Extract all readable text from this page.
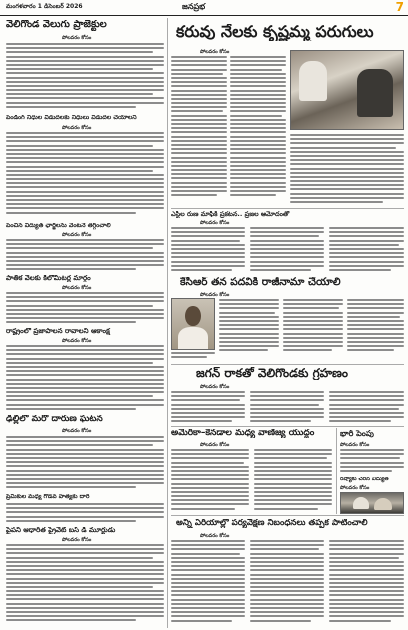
మంగళవారం 1 డిసెంబర్ 2026	జనప్రభ	7
వెలిగొండ వెలుగు ప్రాజెక్టుల
పోలవరం కోసం
పెండింగ్ నిధుల విడుదలకు నిధులు విడుదల చేయాలని
పోలవరం కోసం
పెంచిన విద్యుత్ ఛార్జీలను వెంటనే తగ్గించాలి
పోలవరం కోసం
పాతిక వేలకు కిలోమీటర్ల మార్గం
పోలవరం కోసం
రాష్ట్రంలో ప్రజాపాలన రావాలని ఆకాంక్ష
పోలవరం కోసం
ఢిల్లీలో మరో దారుణ ఘటన
పోలవరం కోసం
ప్రేమికుల మధ్య గొడవ హత్యకు దారి
పైపని ఆధారిత ప్రైవేట్ బస్ డి మూర్ఖుడు
పోలవరం కోసం
కరువు నేలకు కృష్ణమ్మ పరుగులు
పోలవరం కోసం
ఎస్టీల రుణ మాఫీకి ప్రకటన.. ప్రజల ఆమోదంతో
పోలవరం కోసం
కేసీఆర్ తన పదవికి రాజీనామా చేయాలి
పోలవరం కోసం
జగన్ రాకతో వెలిగొండకు గ్రహణం
పోలవరం కోసం
అమెరికా–కెనడాల మధ్య వాణిజ్య యుద్ధం
పోలవరం కోసం
అన్ని ఏరియాల్లో పర్యవేక్షణ నిబంధనలు తప్పక పాటించాలి
పోలవరం కోసం
భారీ పెంపు
పోలవరం కోసం
రష్యాకు చేరిన విద్యుత్
పోలవరం కోసం
